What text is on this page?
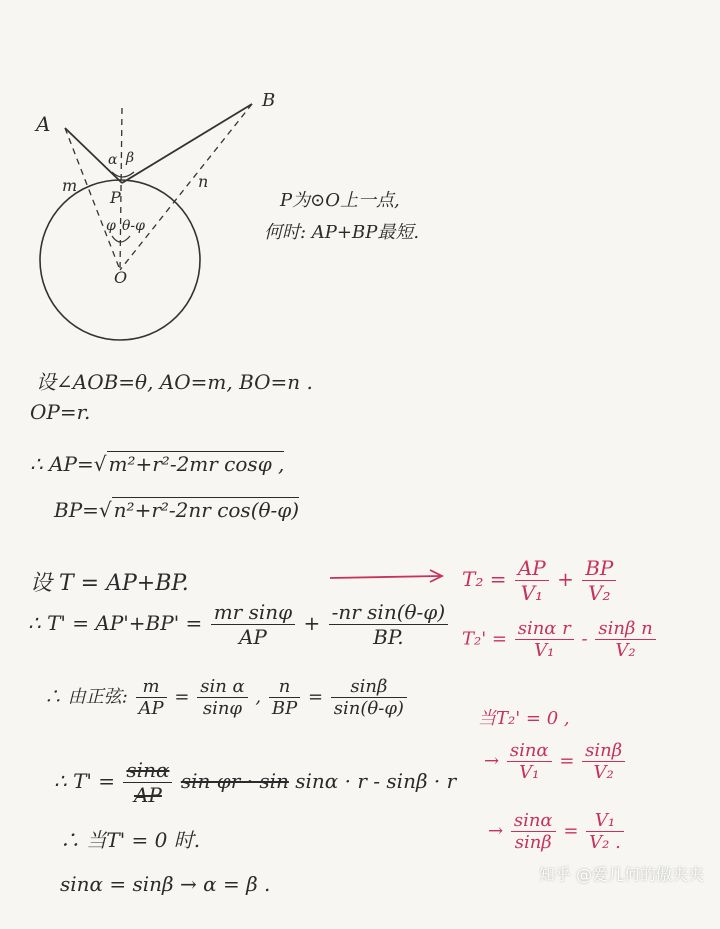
A
B
P
O
m	n
α β
φ θ-φ
P为⊙O上一点,
何时: AP+BP最短.
设∠AOB=θ, AO=m, BO=n .
OP=r.
∴ AP=√ m²+r²-2mr cosφ ,
BP=√ n²+r²-2nr cos(θ-φ)
设 T = AP+BP.
∴ $T' = AP'+BP' = \frac{\text{mr sinφ}}{AP} + \frac{\text{-nr sin(θ-φ)}}{BP.}$
∴ 由正弦: $\frac{m}{AP} = \frac{\text{sin α}}{\sin\varphi}$ , $\frac{n}{BP} = \frac{\sin\beta}{\sin(\theta-\varphi)}$
∴ $T' = \frac{\sin\alpha}{AP}$ sin φr · sin sinα · r - sinβ · r
∴ 当T' = 0 时.
sinα = sinβ → α = β .
$T_2 = \frac{AP}{\text{V₁}} + \frac{BP}{\text{V₂}}$
$T_2' = \frac{\text{sinα r}}{\text{V₁}} - \frac{\text{sinβ n}}{\text{V₂}}$
当T₂' = 0 ,
→ $\frac{\sin\alpha}{\text{V₁}} = \frac{\sin\beta}{\text{V₂}}$
→ $\frac{\sin\alpha}{\sin\beta} = \frac{\text{V₁}}{\text{V₂ .}}$
知乎 @爱几何的傲夹夹
